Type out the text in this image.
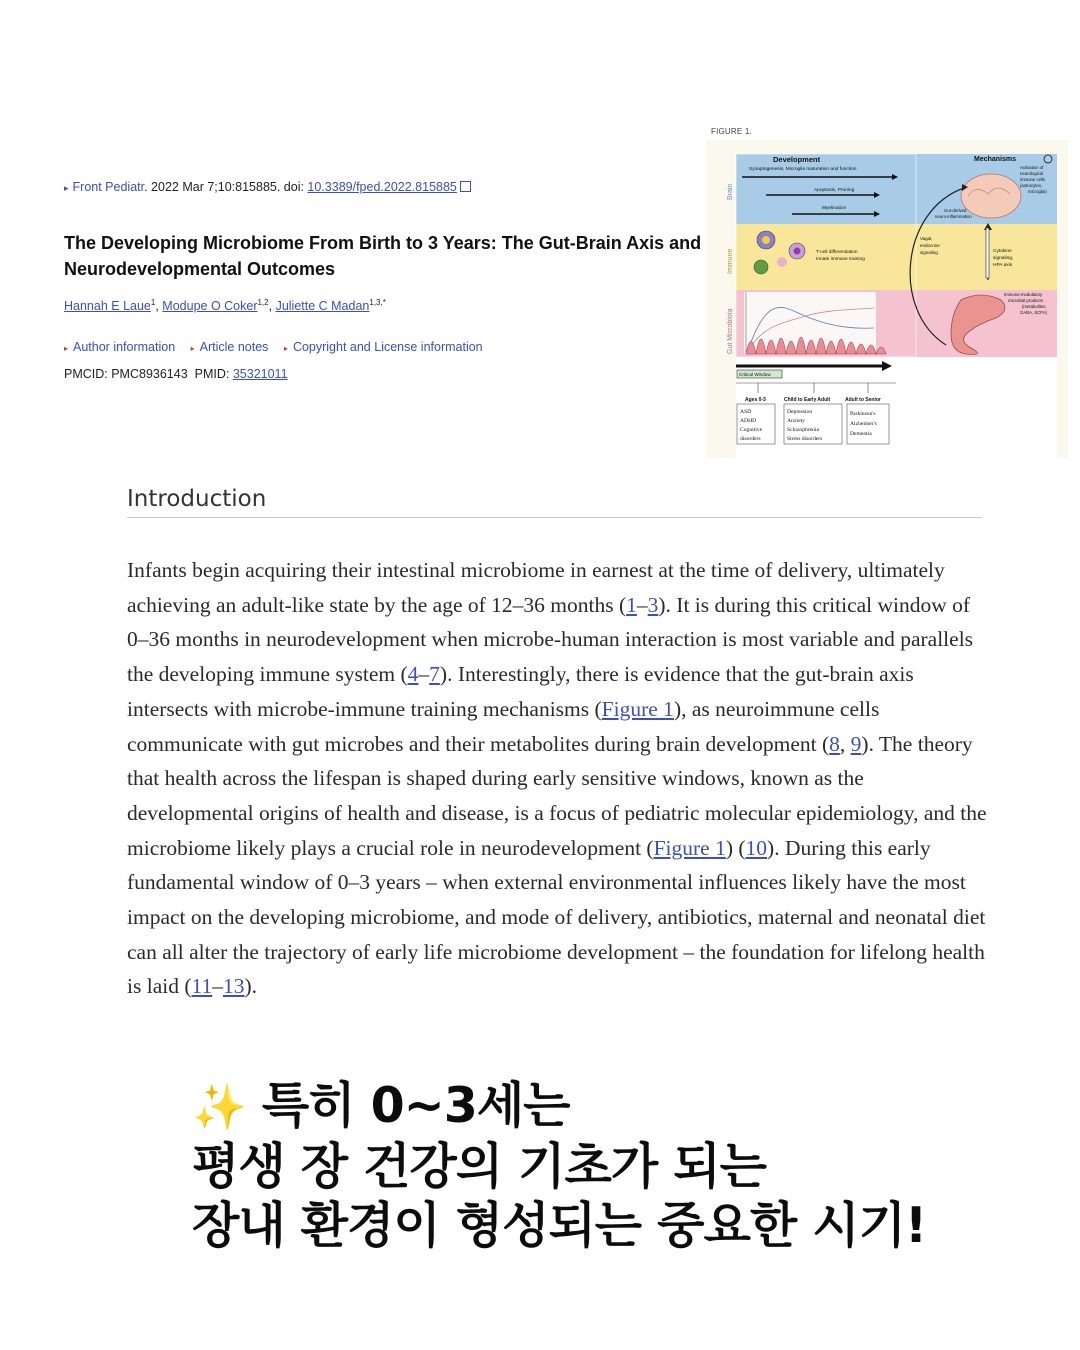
▸ Front Pediatr. 2022 Mar 7;10:815885. doi: 10.3389/fped.2022.815885
The Developing Microbiome From Birth to 3 Years: The Gut-Brain Axis and Neurodevelopmental Outcomes
Hannah E Laue$^1$, Modupe O Coker$^{1,2}$, Juliette C Madan$^{1,3,*}$
▸ Author information ▸ Article notes ▸ Copyright and License information
PMCID: PMC8936143 PMID: 35321011
FIGURE 1.
Brain
Immune
Gut Microbiota
Development
Synaptogenesis, Microglia maturation and function
Apoptosis, Pruning
Myelination
Mechanisms
Activation of
neurological
immune cells
(astrocytes,
microglia)
Gut-derived
neuro-inflammation
T-cell differentiation
Innate immune training
Vagal,
endocrine
signaling	Cytokine
signaling,
HPA axis
Immuno-modulatory
microbial products
(metabolites,
GABA, SCFA)
Critical Window
Ages 0-3	Child to Early Adult	Adult to Senior
ASD
ADHD
Cognitive
disorders
Depression
Anxiety
Schizophrenia
Stress disorders
Parkinson's
Alzheimer's
Dementia
Introduction
Infants begin acquiring their intestinal microbiome in earnest at the time of delivery, ultimately achieving an adult-like state by the age of 12–36 months (1–3). It is during this critical window of 0–36 months in neurodevelopment when microbe-human interaction is most variable and parallels the developing immune system (4–7). Interestingly, there is evidence that the gut-brain axis intersects with microbe-immune training mechanisms (Figure 1), as neuroimmune cells communicate with gut microbes and their metabolites during brain development (8, 9). The theory that health across the lifespan is shaped during early sensitive windows, known as the developmental origins of health and disease, is a focus of pediatric molecular epidemiology, and the microbiome likely plays a crucial role in neurodevelopment (Figure 1) (10). During this early fundamental window of 0–3 years – when external environmental influences likely have the most impact on the developing microbiome, and mode of delivery, antibiotics, maternal and neonatal diet can all alter the trajectory of early life microbiome development – the foundation for lifelong health is laid (11–13).
✨ 특히 0~3세는
평생 장 건강의 기초가 되는
장내 환경이 형성되는 중요한 시기!
